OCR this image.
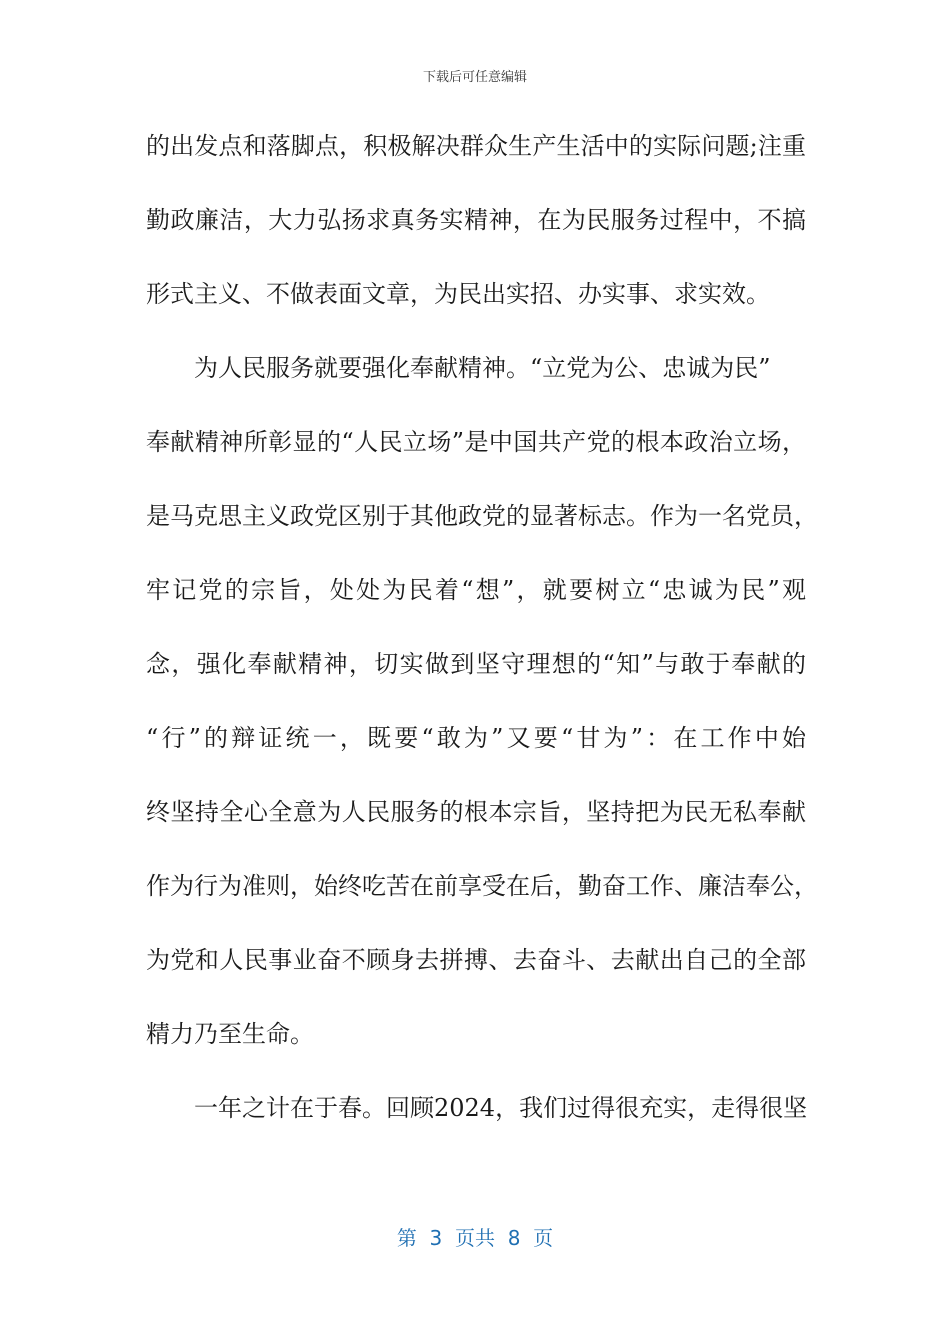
下载后可任意编辑
的出发点和落脚点，积极解决群众生产生活中的实际问题;注重
勤政廉洁，大力弘扬求真务实精神，在为民服务过程中，不搞
形式主义、不做表面文章，为民出实招、办实事、求实效。
为人民服务就要强化奉献精神。“立党为公、忠诚为民”
奉献精神所彰显的“人民立场”是中国共产党的根本政治立场，
是马克思主义政党区别于其他政党的显著标志。作为一名党员，
牢记党的宗旨，处处为民着“想”，就要树立“忠诚为民”观
念，强化奉献精神，切实做到坚守理想的“知”与敢于奉献的
“行”的辩证统一，既要“敢为”又要“甘为”：在工作中始
终坚持全心全意为人民服务的根本宗旨，坚持把为民无私奉献
作为行为准则，始终吃苦在前享受在后，勤奋工作、廉洁奉公，
为党和人民事业奋不顾身去拼搏、去奋斗、去献出自己的全部
精力乃至生命。
一年之计在于春。回顾2024，我们过得很充实，走得很坚
第  3  页共  8  页
